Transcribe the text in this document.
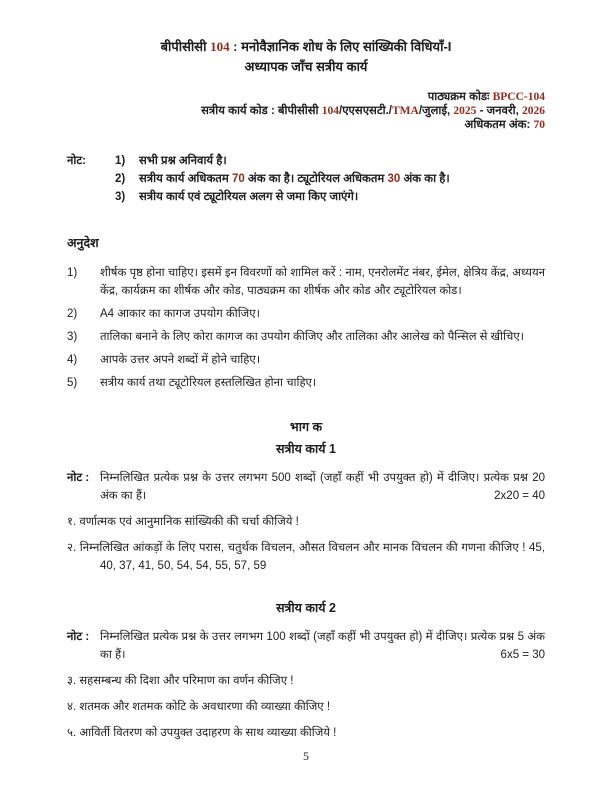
बीपीसीसी 104 : मनोवैज्ञानिक शोध के लिए सांख्यिकी विधियाँ-I
अध्यापक जाँच सत्रीय कार्य
पाठ्यक्रम कोडः BPCC-104
सत्रीय कार्य कोड : बीपीसीसी 104/एएसएसटी./TMA/जुलाई, 2025 - जनवरी, 2026
अधिकतम अंक: 70
नोट:	1)	सभी प्रश्न अनिवार्य है।
2)	सत्रीय कार्य अधिकतम 70 अंक का है। ट्यूटोरियल अधिकतम 30 अंक का है।
3)	सत्रीय कार्य एवं ट्यूटोरियल अलग से जमा किए जाएंगे।
अनुदेश
1)	शीर्षक पृष्ठ होना चाहिए। इसमें इन विवरणों को शामिल करें : नाम, एनरोलमेंट नंबर, ईमेल, क्षेत्रिय केंद्र, अध्ययन केंद्र, कार्यक्रम का शीर्षक और कोड, पाठ्यक्रम का शीर्षक और कोड और ट्यूटोरियल कोड।
2)	A4 आकार का कागज उपयोग कीजिए।
3)	तालिका बनाने के लिए कोरा कागज का उपयोग कीजिए और तालिका और आलेख को पैन्सिल से खीचिए।
4)	आपके उत्तर अपने शब्दों में होने चाहिए।
5)	सत्रीय कार्य तथा ट्यूटोरियल हस्तलिखित होना चाहिए।
भाग क
सत्रीय कार्य 1
नोट : निम्नलिखित प्रत्येक प्रश्न के उत्तर लगभग 500 शब्दों (जहाँ कहीं भी उपयुक्त हो) में दीजिए। प्रत्येक प्रश्न 20 अंक का हैं।	2x20 = 40
१. वर्णात्मक एवं आनुमानिक सांख्यिकी की चर्चा कीजिये !
२. निम्नलिखित आंकड़ों के लिए परास, चतुर्थक विचलन, औसत विचलन और मानक विचलन की गणना कीजिए ! 45, 40, 37, 41, 50, 54, 54, 55, 57, 59
सत्रीय कार्य 2
नोट : निम्नलिखित प्रत्येक प्रश्न के उत्तर लगभग 100 शब्दों (जहाँ कहीं भी उपयुक्त हो) में दीजिए। प्रत्येक प्रश्न 5 अंक का हैं।	6x5 = 30
३. सहसम्बन्ध की दिशा और परिमाण का वर्णन कीजिए !
४. शतमक और शतमक कोटि के अवधारणा की व्याख्या कीजिए !
५. आविर्ती वितरण को उपयुक्त उदाहरण के साथ व्याख्या कीजिये !
5
